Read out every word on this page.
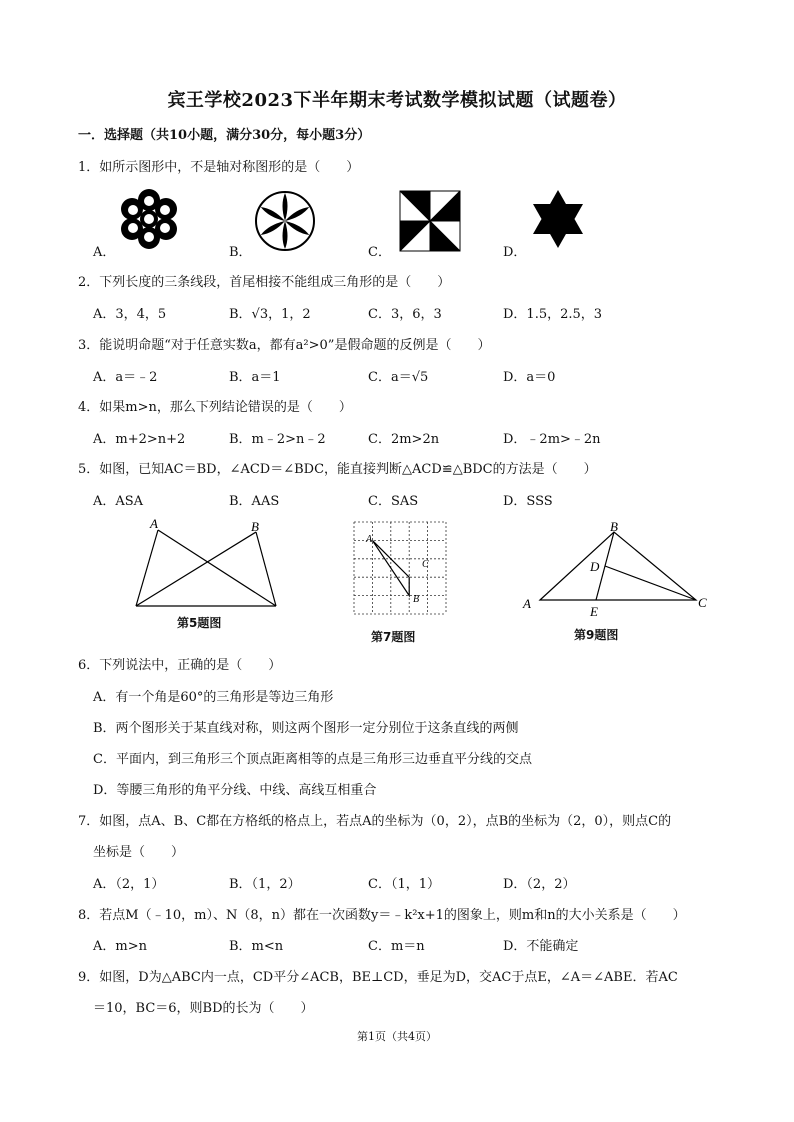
宾王学校2023下半年期末考试数学模拟试题（试题卷）
一．选择题（共10小题，满分30分，每小题3分）
1．如所示图形中，不是轴对称图形的是（　　）
A．	B．	C．	D．
2．下列长度的三条线段，首尾相接不能组成三角形的是（　　）
A．3，4，5	B．√3，1，2	C．3，6，3	D．1.5，2.5，3
3．能说明命题“对于任意实数a，都有a²>0”是假命题的反例是（　　）
A．a＝﹣2	B．a＝1	C．a＝√5	D．a＝0
4．如果m>n，那么下列结论错误的是（　　）
A．m+2>n+2	B．m﹣2>n﹣2	C．2m>2n	D．﹣2m>﹣2n
5．如图，已知AC＝BD，∠ACD＝∠BDC，能直接判断△ACD≌△BDC的方法是（　　）
A．ASA	B．AAS	C．SAS	D．SSS
A	B
第5题图
A
B
C
第7题图
A
B
C
D
E
第9题图
6．下列说法中，正确的是（　　）
A．有一个角是60°的三角形是等边三角形
B．两个图形关于某直线对称，则这两个图形一定分别位于这条直线的两侧
C．平面内，到三角形三个顶点距离相等的点是三角形三边垂直平分线的交点
D．等腰三角形的角平分线、中线、高线互相重合
7．如图，点A、B、C都在方格纸的格点上，若点A的坐标为（0，2），点B的坐标为（2，0），则点C的
坐标是（　　）
A．（2，1）	B．（1，2）	C．（1，1）	D．（2，2）
8．若点M（﹣10，m）、N（8，n）都在一次函数y＝﹣k²x+1的图象上，则m和n的大小关系是（　　）
A．m>n	B．m<n	C．m＝n	D．不能确定
9．如图，D为△ABC内一点，CD平分∠ACB，BE⊥CD，垂足为D，交AC于点E，∠A＝∠ABE．若AC
＝10，BC＝6，则BD的长为（　　）
第1页（共4页）
